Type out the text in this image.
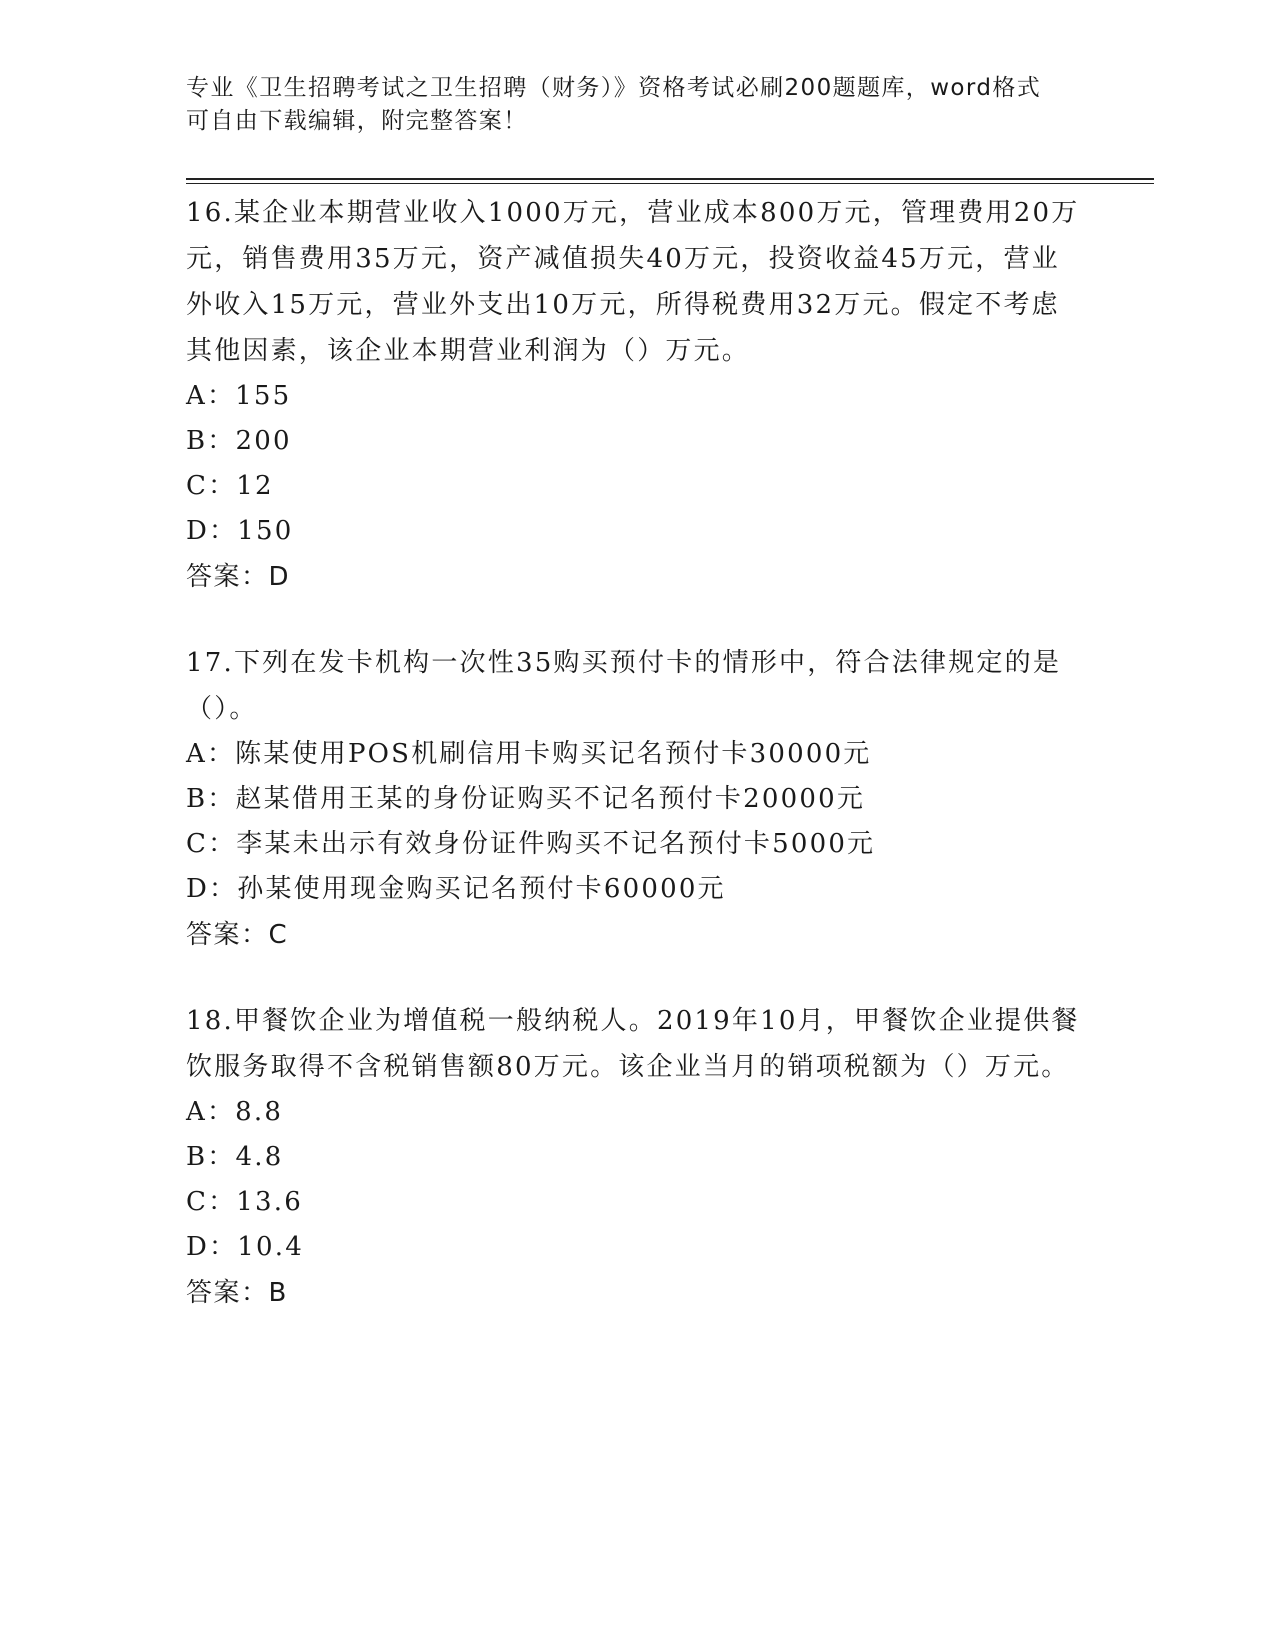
专业《卫生招聘考试之卫生招聘（财务）》资格考试必刷200题题库，word格式
可自由下载编辑，附完整答案！
16.某企业本期营业收入1000万元，营业成本800万元，管理费用20万元，销售费用35万元，资产减值损失40万元，投资收益45万元，营业外收入15万元，营业外支出10万元，所得税费用32万元。假定不考虑其他因素，该企业本期营业利润为（）万元。
A：155
B：200
C：12
D：150
答案：D
17.下列在发卡机构一次性35购买预付卡的情形中，符合法律规定的是（）。
A：陈某使用POS机刷信用卡购买记名预付卡30000元
B：赵某借用王某的身份证购买不记名预付卡20000元
C：李某未出示有效身份证件购买不记名预付卡5000元
D：孙某使用现金购买记名预付卡60000元
答案：C
18.甲餐饮企业为增值税一般纳税人。2019年10月，甲餐饮企业提供餐饮服务取得不含税销售额80万元。该企业当月的销项税额为（）万元。
A：8.8
B：4.8
C：13.6
D：10.4
答案：B
